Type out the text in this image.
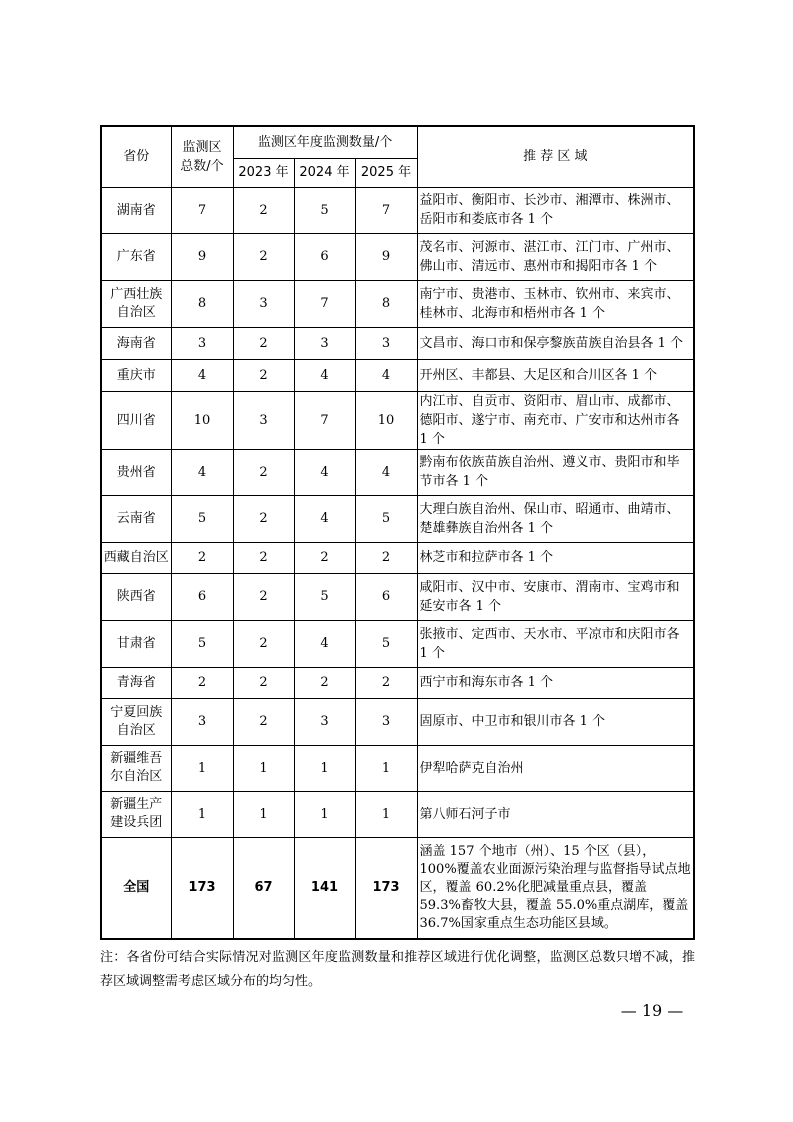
省份	监测区
总数/个	监测区年度监测数量/个			推 荐 区 域
		2023 年	2024 年	2025 年	
湖南省	7	2	5	7	益阳市、衡阳市、长沙市、湘潭市、株洲市、岳阳市和娄底市各 1 个
广东省	9	2	6	9	茂名市、河源市、湛江市、江门市、广州市、佛山市、清远市、惠州市和揭阳市各 1 个
广西壮族自治区	8	3	7	8	南宁市、贵港市、玉林市、钦州市、来宾市、桂林市、北海市和梧州市各 1 个
海南省	3	2	3	3	文昌市、海口市和保亭黎族苗族自治县各 1 个
重庆市	4	2	4	4	开州区、丰都县、大足区和合川区各 1 个
四川省	10	3	7	10	内江市、自贡市、资阳市、眉山市、成都市、德阳市、遂宁市、南充市、广安市和达州市各 1 个
贵州省	4	2	4	4	黔南布依族苗族自治州、遵义市、贵阳市和毕节市各 1 个
云南省	5	2	4	5	大理白族自治州、保山市、昭通市、曲靖市、楚雄彝族自治州各 1 个
西藏自治区	2	2	2	2	林芝市和拉萨市各 1 个
陕西省	6	2	5	6	咸阳市、汉中市、安康市、渭南市、宝鸡市和延安市各 1 个
甘肃省	5	2	4	5	张掖市、定西市、天水市、平凉市和庆阳市各 1 个
青海省	2	2	2	2	西宁市和海东市各 1 个
宁夏回族自治区	3	2	3	3	固原市、中卫市和银川市各 1 个
新疆维吾尔自治区	1	1	1	1	伊犁哈萨克自治州
新疆生产建设兵团	1	1	1	1	第八师石河子市
全国	173	67	141	173	涵盖 157 个地市（州）、15 个区（县），100%覆盖农业面源污染治理与监督指导试点地区，覆盖 60.2%化肥减量重点县，覆盖 59.3%畜牧大县，覆盖 55.0%重点湖库，覆盖 36.7%国家重点生态功能区县域。
注：各省份可结合实际情况对监测区年度监测数量和推荐区域进行优化调整，监测区总数只增不减，推荐区域调整需考虑区域分布的均匀性。
— 19 —
